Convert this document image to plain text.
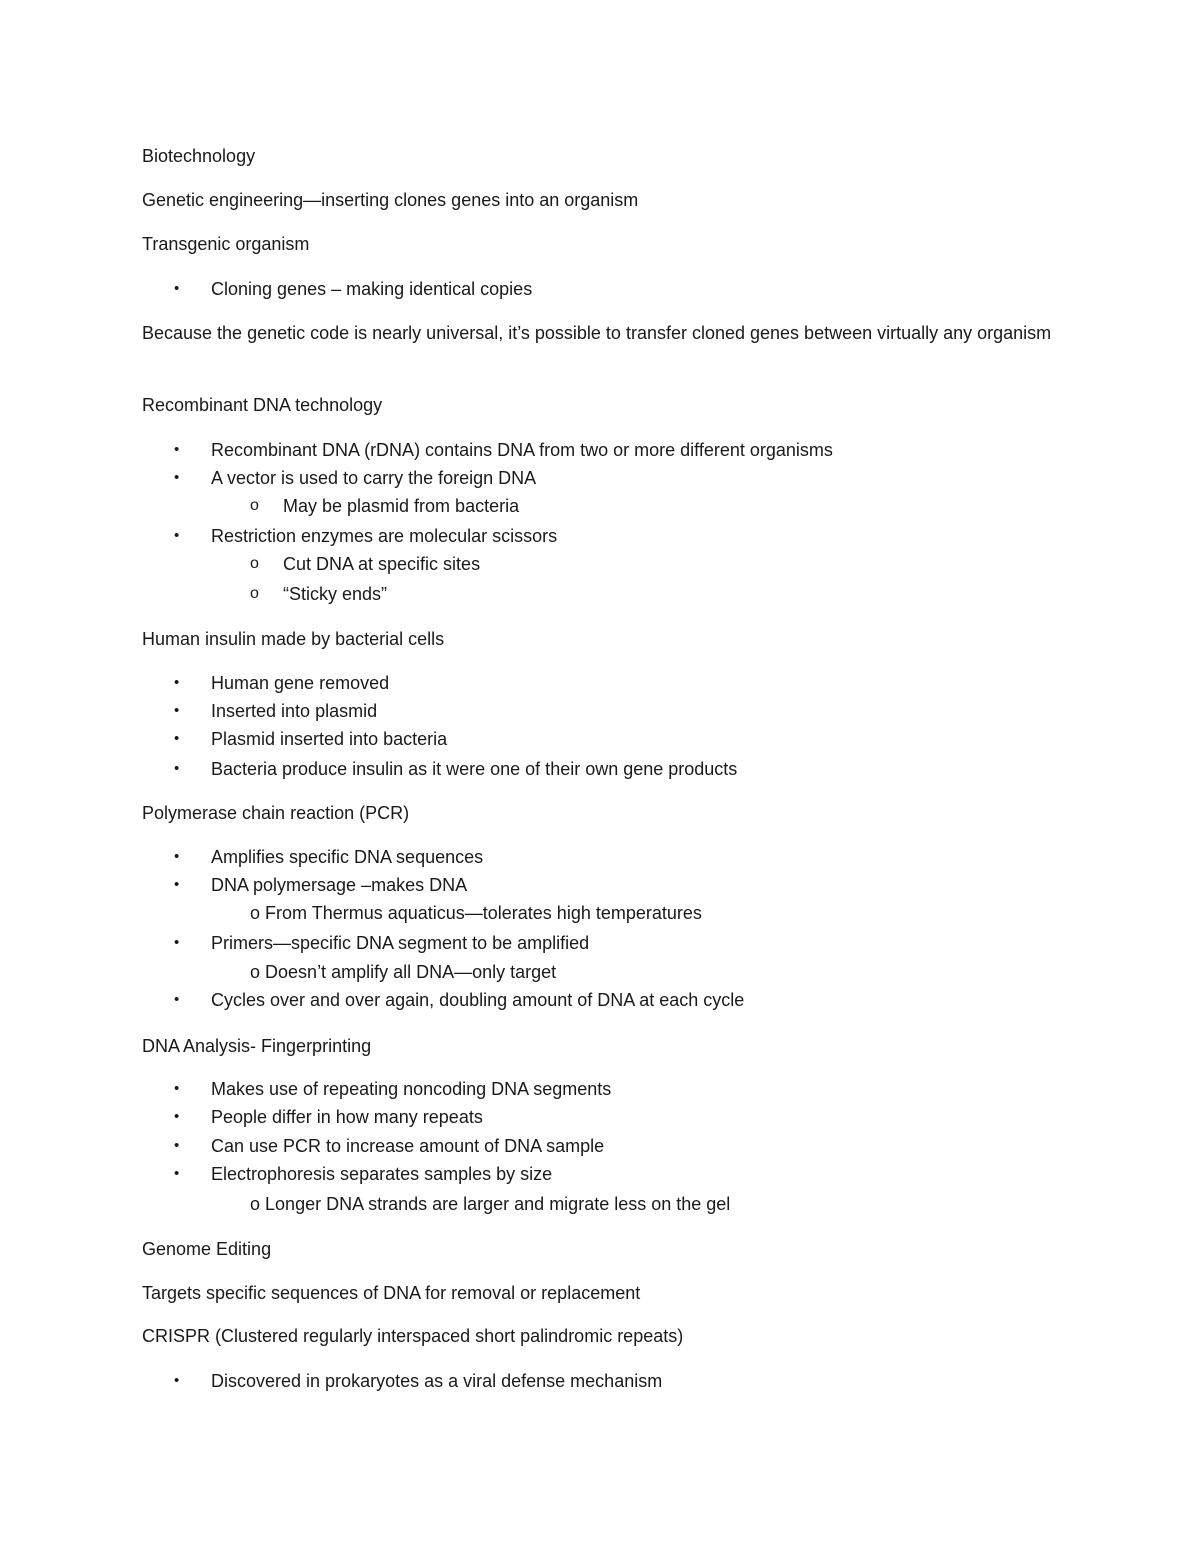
Biotechnology
Genetic engineering—inserting clones genes into an organism
Transgenic organism
• Cloning genes – making identical copies
Because the genetic code is nearly universal, it’s possible to transfer cloned genes between virtually any organism
Recombinant DNA technology
• Recombinant DNA (rDNA) contains DNA from two or more different organisms
• A vector is used to carry the foreign DNA
o May be plasmid from bacteria
• Restriction enzymes are molecular scissors
o Cut DNA at specific sites
o “Sticky ends”
Human insulin made by bacterial cells
• Human gene removed
• Inserted into plasmid
• Plasmid inserted into bacteria
• Bacteria produce insulin as it were one of their own gene products
Polymerase chain reaction (PCR)
• Amplifies specific DNA sequences
• DNA polymersage –makes DNA
o From Thermus aquaticus—tolerates high temperatures
• Primers—specific DNA segment to be amplified
o Doesn’t amplify all DNA—only target
• Cycles over and over again, doubling amount of DNA at each cycle
DNA Analysis- Fingerprinting
• Makes use of repeating noncoding DNA segments
• People differ in how many repeats
• Can use PCR to increase amount of DNA sample
• Electrophoresis separates samples by size
o Longer DNA strands are larger and migrate less on the gel
Genome Editing
Targets specific sequences of DNA for removal or replacement
CRISPR (Clustered regularly interspaced short palindromic repeats)
• Discovered in prokaryotes as a viral defense mechanism
